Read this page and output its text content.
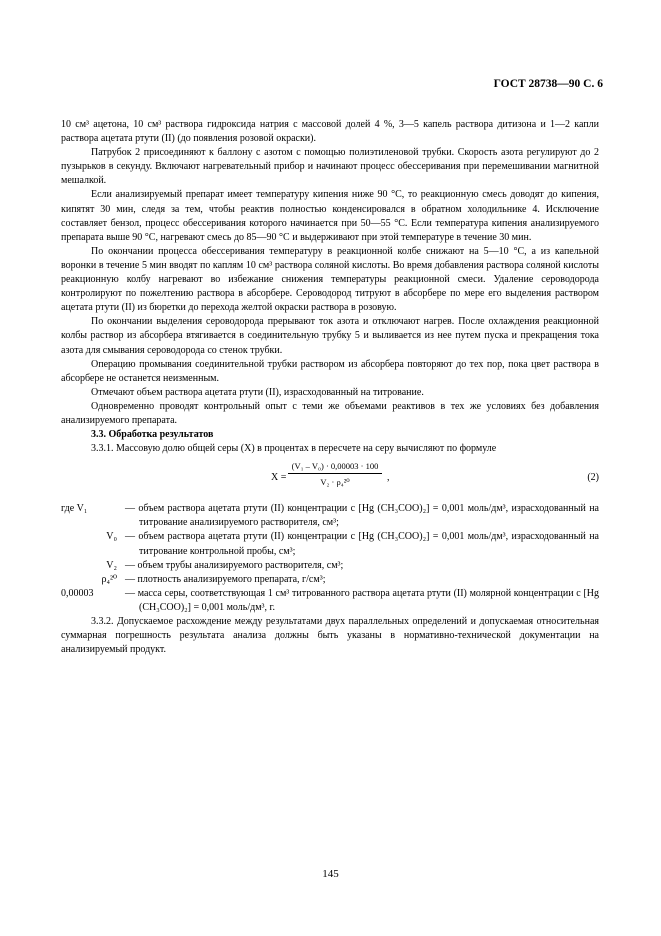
ГОСТ 28738—90 С. 6

10 см³ ацетона, 10 см³ раствора гидроксида натрия с массовой долей 4 %, 3—5 капель раствора дитизона и 1—2 капли раствора ацетата ртути (II) (до появления розовой окраски).

Патрубок 2 присоединяют к баллону с азотом с помощью полиэтиленовой трубки. Скорость азота регулируют до 2 пузырьков в секунду. Включают нагревательный прибор и начинают процесс обессеривания при перемешивании магнитной мешалкой.

Если анализируемый препарат имеет температуру кипения ниже 90 °С, то реакционную смесь доводят до кипения, кипятят 30 мин, следя за тем, чтобы реактив полностью конденсировался в обратном холодильнике 4. Исключение составляет бензол, процесс обессеривания которого начинается при 50—55 °С. Если температура кипения анализируемого препарата выше 90 °С, нагревают смесь до 85—90 °С и выдерживают при этой температуре в течение 30 мин.

По окончании процесса обессеривания температуру в реакционной колбе снижают на 5—10 °С, а из капельной воронки в течение 5 мин вводят по каплям 10 см³ раствора соляной кислоты. Во время добавления раствора соляной кислоты реакционную колбу нагревают во избежание снижения температуры реакционной смеси. Удаление сероводорода контролируют по пожелтению раствора в абсорбере. Сероводород титруют в абсорбере по мере его выделения раствором ацетата ртути (II) из бюретки до перехода желтой окраски раствора в розовую.

По окончании выделения сероводорода прерывают ток азота и отключают нагрев. После охлаждения реакционной колбы раствор из абсорбера втягивается в соединительную трубку 5 и выливается из нее путем пуска и прекращения тока азота для смывания сероводорода со стенок трубки.

Операцию промывания соединительной трубки раствором из абсорбера повторяют до тех пор, пока цвет раствора в абсорбере не останется неизменным.

Отмечают объем раствора ацетата ртути (II), израсходованный на титрование.

Одновременно проводят контрольный опыт с теми же объемами реактивов в тех же условиях без добавления анализируемого препарата.

3.3. Обработка результатов

3.3.1. Массовую долю общей серы (X) в процентах в пересчете на серу вычисляют по формуле

$X = \frac{\text{(V₁ – V₀) · 0,00003 · 100}}{\text{V₂ · ρ₄²⁰}}$ ,	(2)
где V₁	— объем раствора ацетата ртути (II) концентрации с [Hg (CH₃COO)₂] = 0,001 моль/дм³, израсходованный на титрование анализируемого растворителя, см³;
V₀ — объем раствора ацетата ртути (II) концентрации с [Hg (CH₃COO)₂] = 0,001 моль/дм³, израсходованный на титрование контрольной пробы, см³;
V₂ — объем трубы анализируемого растворителя, см³;
ρ₄²⁰ — плотность анализируемого препарата, г/см³;
0,00003	— масса серы, соответствующая 1 см³ титрованного раствора ацетата ртути (II) молярной концентрации с [Hg (CH₃COO)₂] = 0,001 моль/дм³, г.

3.3.2. Допускаемое расхождение между результатами двух параллельных определений и допускаемая относительная суммарная погрешность результата анализа должны быть указаны в нормативно-технической документации на анализируемый продукт.

145
